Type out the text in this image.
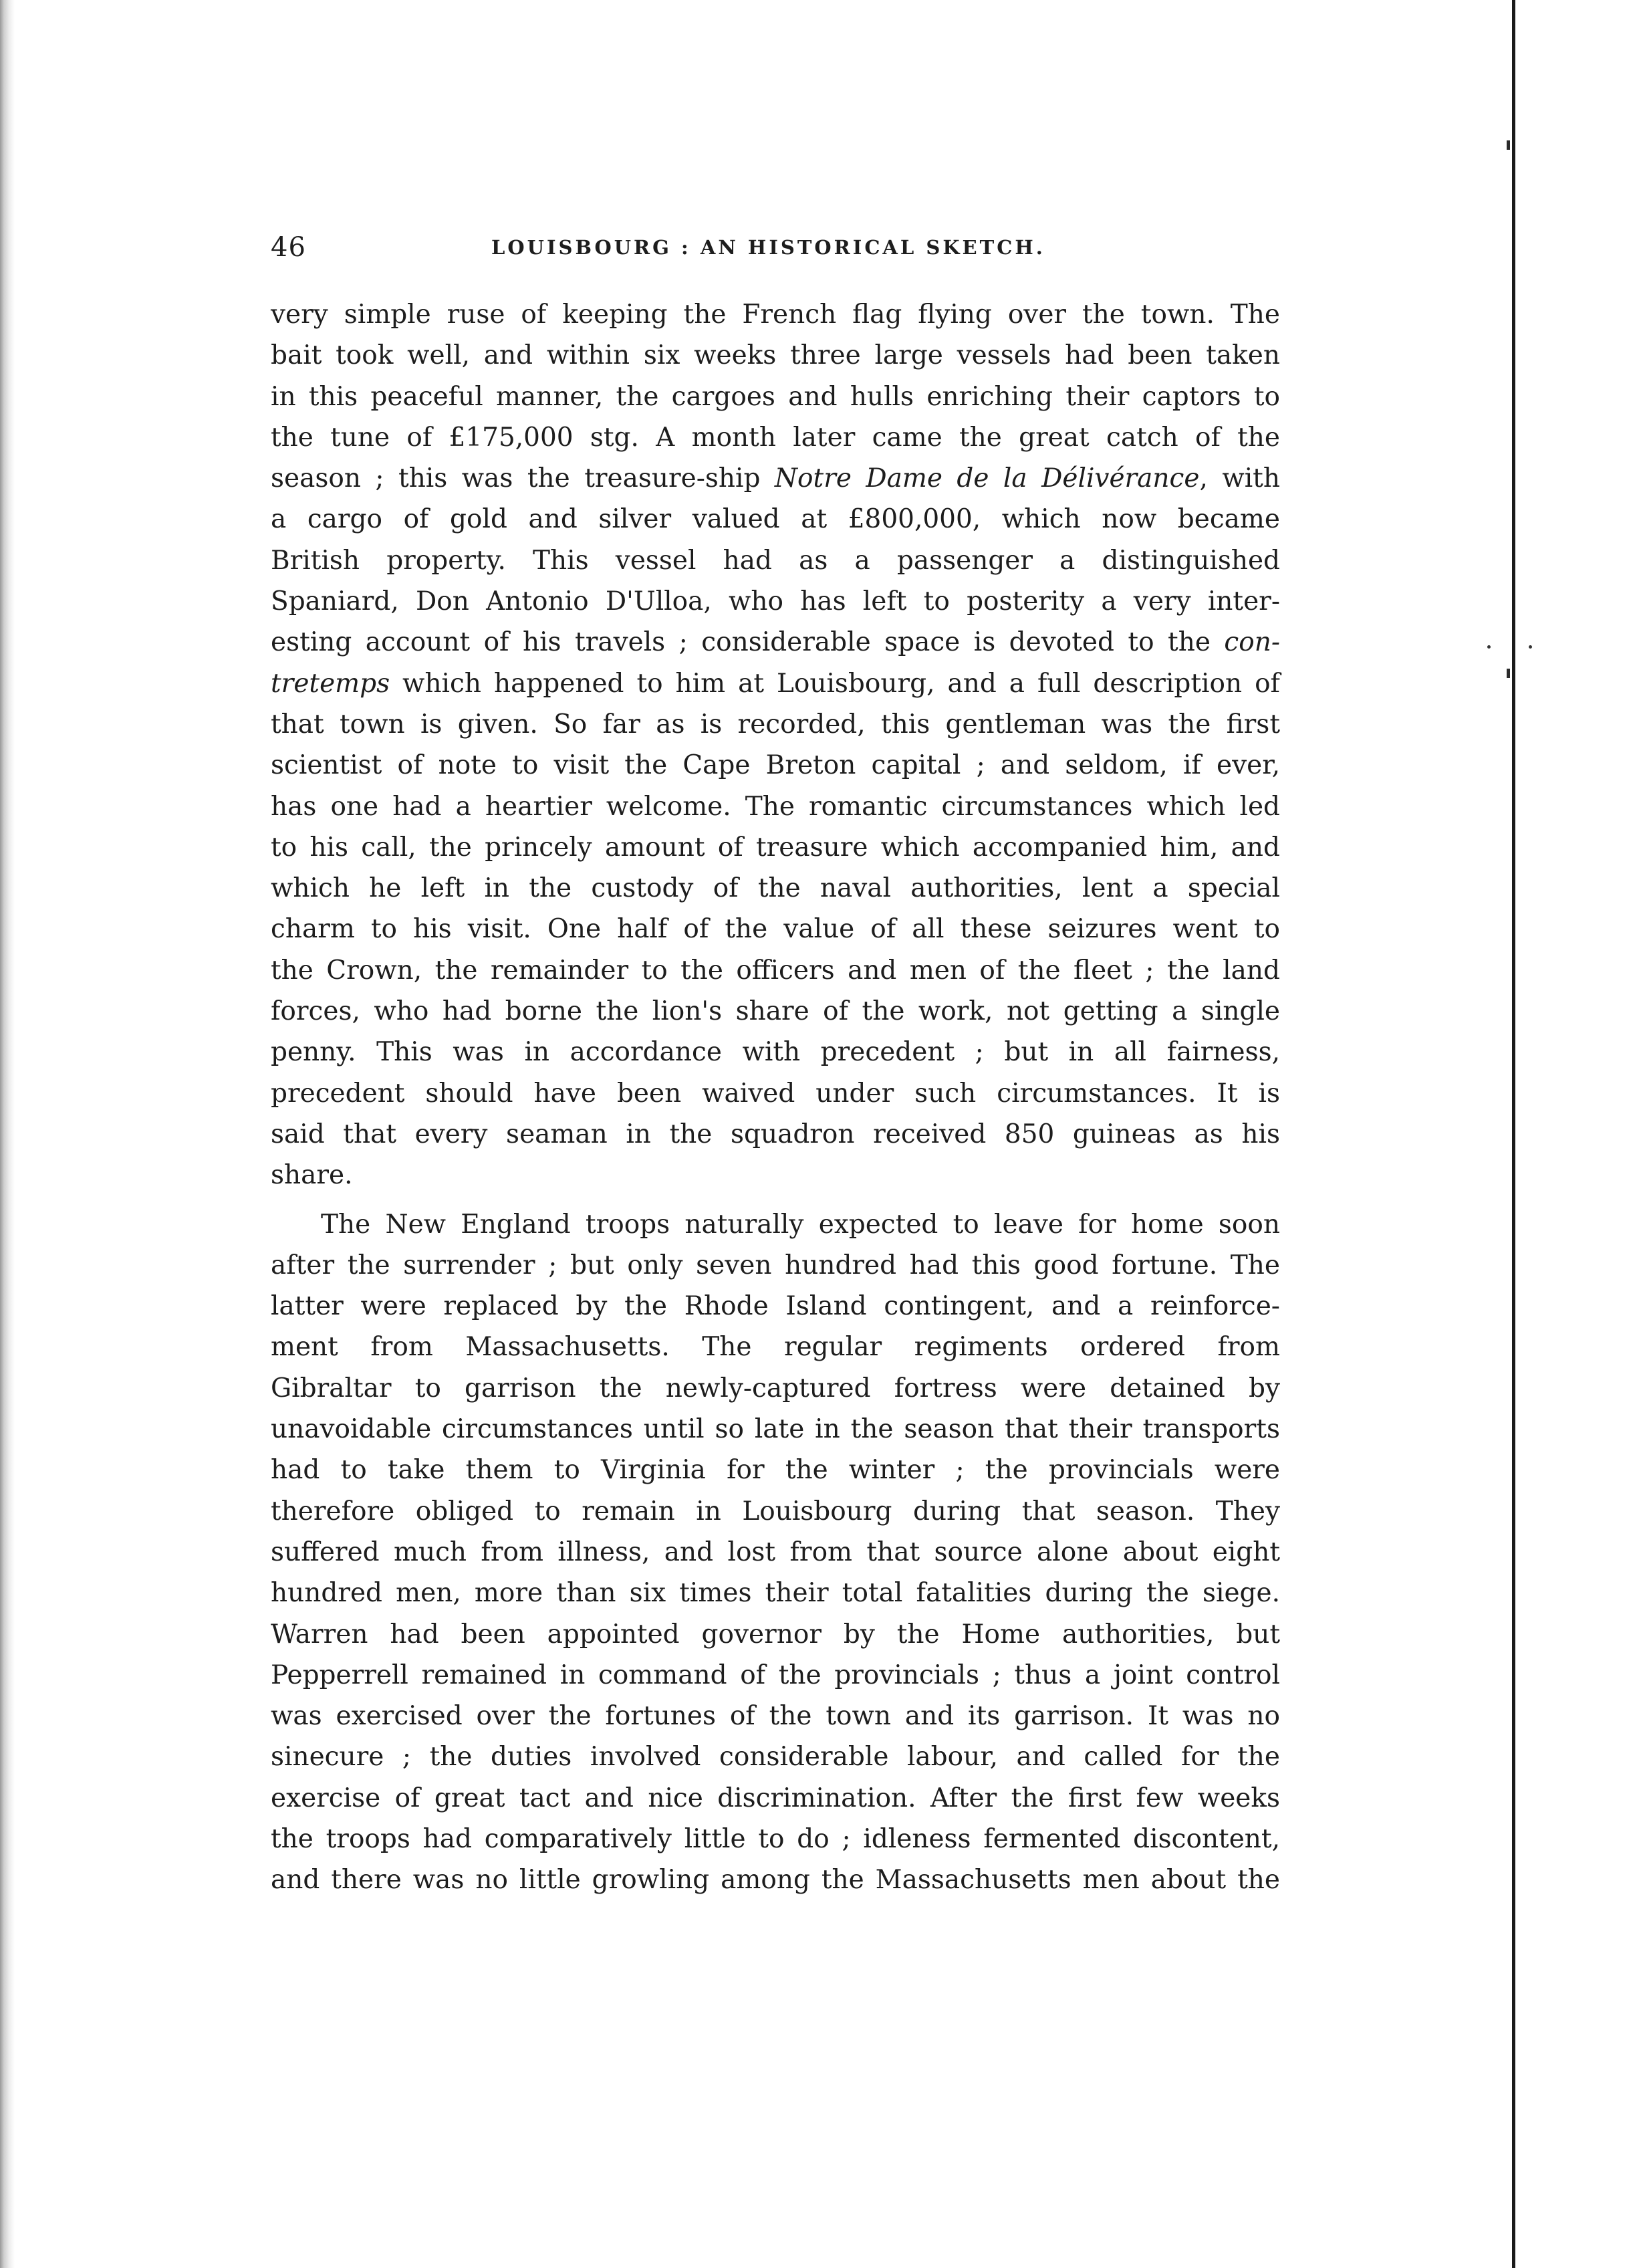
46	LOUISBOURG : AN HISTORICAL SKETCH.
very simple ruse of keeping the French flag flying over the town. The
bait took well, and within six weeks three large vessels had been taken
in this peaceful manner, the cargoes and hulls enriching their captors to
the tune of £175,000 stg. A month later came the great catch of the
season ; this was the treasure-ship Notre Dame de la Délivérance, with
a cargo of gold and silver valued at £800,000, which now became
British property. This vessel had as a passenger a distinguished
Spaniard, Don Antonio D'Ulloa, who has left to posterity a very inter-
esting account of his travels ; considerable space is devoted to the con-
tretemps which happened to him at Louisbourg, and a full description of
that town is given. So far as is recorded, this gentleman was the first
scientist of note to visit the Cape Breton capital ; and seldom, if ever,
has one had a heartier welcome. The romantic circumstances which led
to his call, the princely amount of treasure which accompanied him, and
which he left in the custody of the naval authorities, lent a special
charm to his visit. One half of the value of all these seizures went to
the Crown, the remainder to the officers and men of the fleet ; the land
forces, who had borne the lion's share of the work, not getting a single
penny. This was in accordance with precedent ; but in all fairness,
precedent should have been waived under such circumstances. It is
said that every seaman in the squadron received 850 guineas as his
share.
The New England troops naturally expected to leave for home soon
after the surrender ; but only seven hundred had this good fortune. The
latter were replaced by the Rhode Island contingent, and a reinforce-
ment from Massachusetts. The regular regiments ordered from
Gibraltar to garrison the newly-captured fortress were detained by
unavoidable circumstances until so late in the season that their transports
had to take them to Virginia for the winter ; the provincials were
therefore obliged to remain in Louisbourg during that season. They
suffered much from illness, and lost from that source alone about eight
hundred men, more than six times their total fatalities during the siege.
Warren had been appointed governor by the Home authorities, but
Pepperrell remained in command of the provincials ; thus a joint control
was exercised over the fortunes of the town and its garrison. It was no
sinecure ; the duties involved considerable labour, and called for the
exercise of great tact and nice discrimination. After the first few weeks
the troops had comparatively little to do ; idleness fermented discontent,
and there was no little growling among the Massachusetts men about the
